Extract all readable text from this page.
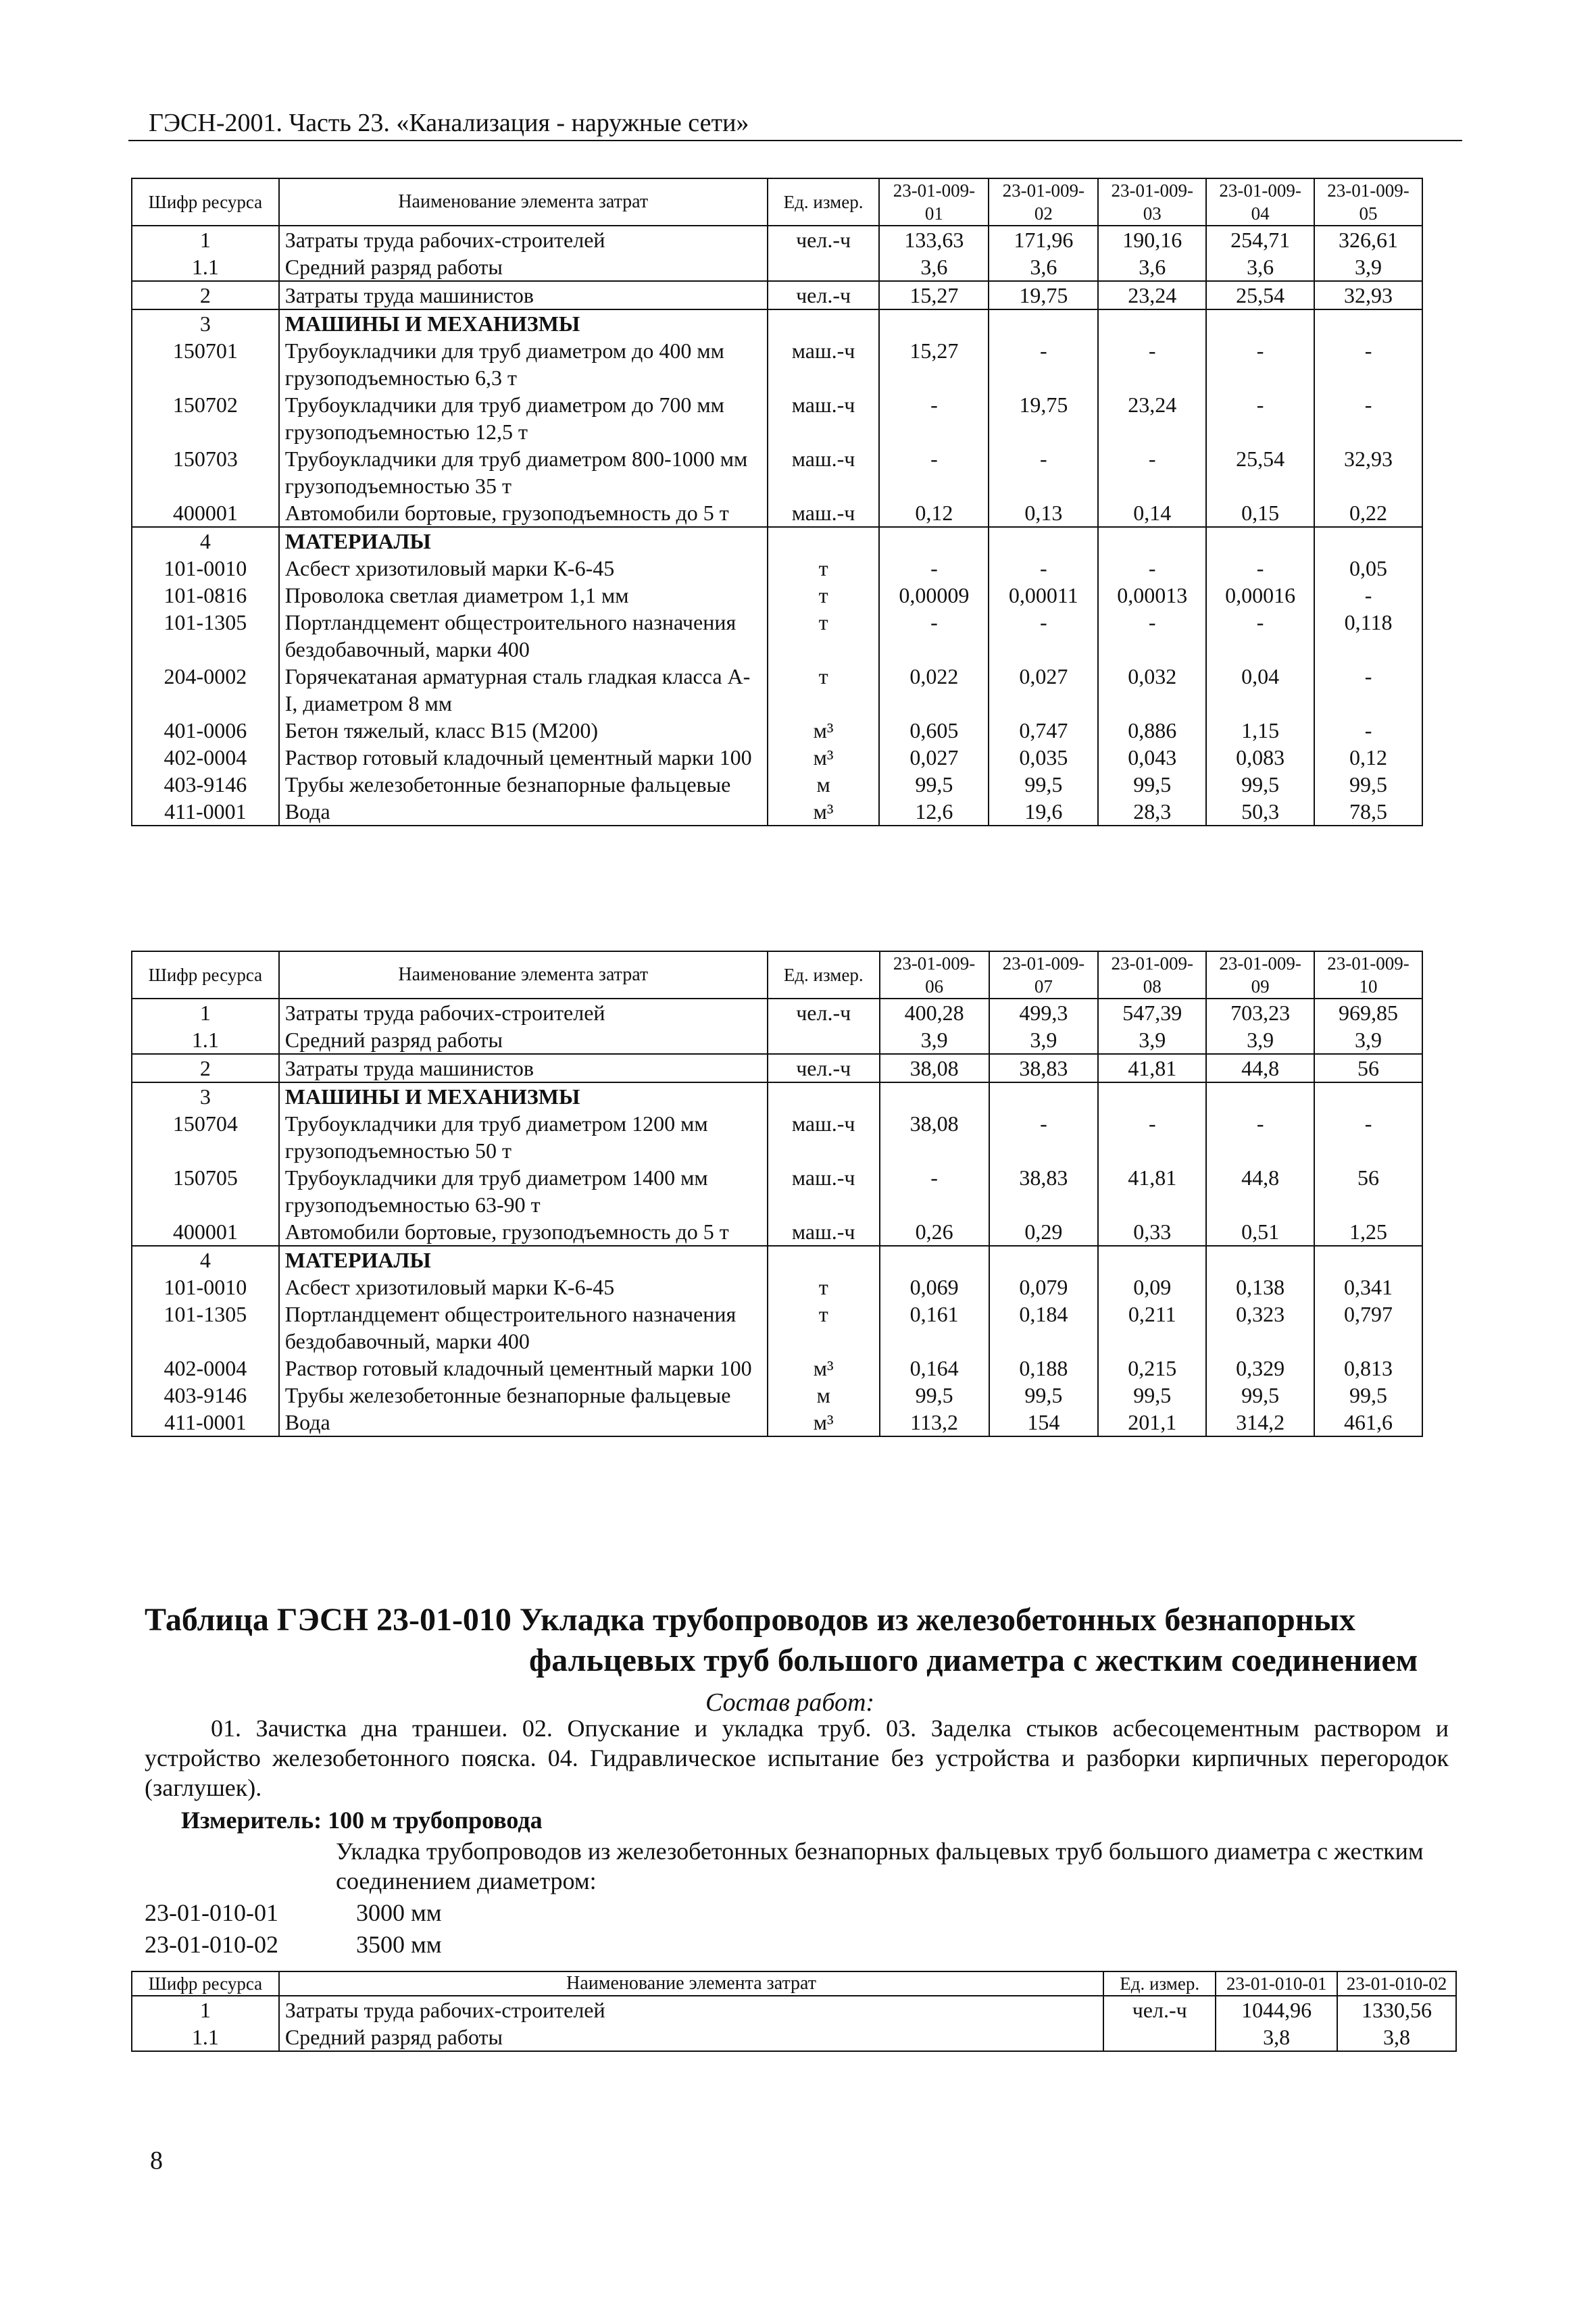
ГЭСН-2001. Часть 23. «Канализация - наружные сети»
Шифр ресурса	Наименование элемента затрат	Ед. измер.	23-01-009-01	23-01-009-02	23-01-009-03	23-01-009-04	23-01-009-05
1	Затраты труда рабочих-строителей	чел.-ч	133,63	171,96	190,16	254,71	326,61
1.1	Средний разряд работы		3,6	3,6	3,6	3,6	3,9
2	Затраты труда машинистов	чел.-ч	15,27	19,75	23,24	25,54	32,93
3	МАШИНЫ И МЕХАНИЗМЫ						
150701	Трубоукладчики для труб диаметром до 400 мм грузоподъемностью 6,3 т	маш.-ч	15,27	-	-	-	-
150702	Трубоукладчики для труб диаметром до 700 мм грузоподъемностью 12,5 т	маш.-ч	-	19,75	23,24	-	-
150703	Трубоукладчики для труб диаметром 800-1000 мм грузоподъемностью 35 т	маш.-ч	-	-	-	25,54	32,93
400001	Автомобили бортовые, грузоподъемность до 5 т	маш.-ч	0,12	0,13	0,14	0,15	0,22
4	МАТЕРИАЛЫ						
101-0010	Асбест хризотиловый марки К-6-45	т	-	-	-	-	0,05
101-0816	Проволока светлая диаметром 1,1 мм	т	0,00009	0,00011	0,00013	0,00016	-
101-1305	Портландцемент общестроительного назначения бездобавочный, марки 400	т	-	-	-	-	0,118
204-0002	Горячекатаная арматурная сталь гладкая класса А-I, диаметром 8 мм	т	0,022	0,027	0,032	0,04	-
401-0006	Бетон тяжелый, класс В15 (М200)	м³	0,605	0,747	0,886	1,15	-
402-0004	Раствор готовый кладочный цементный марки 100	м³	0,027	0,035	0,043	0,083	0,12
403-9146	Трубы железобетонные безнапорные фальцевые	м	99,5	99,5	99,5	99,5	99,5
411-0001	Вода	м³	12,6	19,6	28,3	50,3	78,5
Шифр ресурса	Наименование элемента затрат	Ед. измер.	23-01-009-06	23-01-009-07	23-01-009-08	23-01-009-09	23-01-009-10
1	Затраты труда рабочих-строителей	чел.-ч	400,28	499,3	547,39	703,23	969,85
1.1	Средний разряд работы		3,9	3,9	3,9	3,9	3,9
2	Затраты труда машинистов	чел.-ч	38,08	38,83	41,81	44,8	56
3	МАШИНЫ И МЕХАНИЗМЫ						
150704	Трубоукладчики для труб диаметром 1200 мм грузоподъемностью 50 т	маш.-ч	38,08	-	-	-	-
150705	Трубоукладчики для труб диаметром 1400 мм грузоподъемностью 63-90 т	маш.-ч	-	38,83	41,81	44,8	56
400001	Автомобили бортовые, грузоподъемность до 5 т	маш.-ч	0,26	0,29	0,33	0,51	1,25
4	МАТЕРИАЛЫ						
101-0010	Асбест хризотиловый марки К-6-45	т	0,069	0,079	0,09	0,138	0,341
101-1305	Портландцемент общестроительного назначения бездобавочный, марки 400	т	0,161	0,184	0,211	0,323	0,797
402-0004	Раствор готовый кладочный цементный марки 100	м³	0,164	0,188	0,215	0,329	0,813
403-9146	Трубы железобетонные безнапорные фальцевые	м	99,5	99,5	99,5	99,5	99,5
411-0001	Вода	м³	113,2	154	201,1	314,2	461,6
Таблица ГЭСН 23-01-010 Укладка трубопроводов из железобетонных безнапорных
фальцевых труб большого диаметра с жестким соединением
Состав работ:
01. Зачистка дна траншеи. 02. Опускание и укладка труб. 03. Заделка стыков асбесоцементным раствором и устройство железобетонного пояска. 04. Гидравлическое испытание без устройства и разборки кирпичных перегородок (заглушек).
Измеритель: 100 м трубопровода
Укладка трубопроводов из железобетонных безнапорных фальцевых труб большого диаметра с жестким соединением диаметром:
23-01-010-01	3000 мм
23-01-010-02	3500 мм
Шифр ресурса	Наименование элемента затрат	Ед. измер.	23-01-010-01	23-01-010-02
1	Затраты труда рабочих-строителей	чел.-ч	1044,96	1330,56
1.1	Средний разряд работы		3,8	3,8
8
